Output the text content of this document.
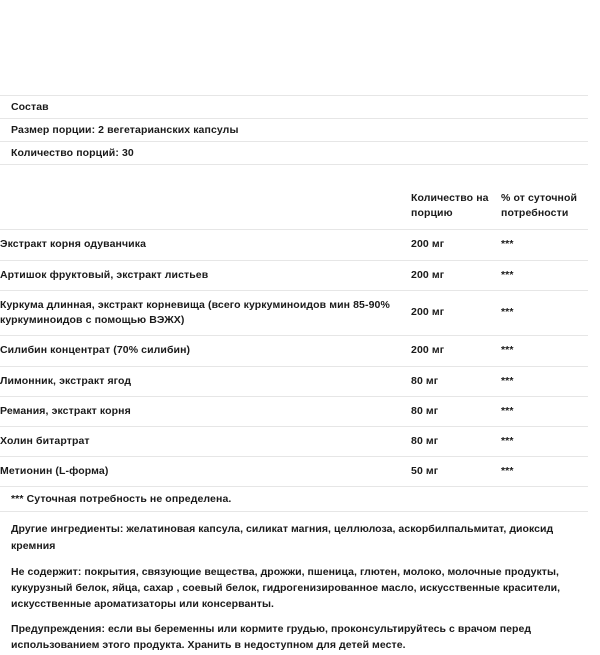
Состав
Размер порции: 2 вегетарианских капсулы
Количество порций: 30
	Количество на порцию	% от суточной потребности
Экстракт корня одуванчика	200 мг	***
Артишок фруктовый, экстракт листьев	200 мг	***
Куркума длинная, экстракт корневища (всего куркуминоидов мин 85-90% куркуминоидов с помощью ВЭЖХ)	200 мг	***
Силибин концентрат (70% силибин)	200 мг	***
Лимонник, экстракт ягод	80 мг	***
Ремания, экстракт корня	80 мг	***
Холин битартрат	80 мг	***
Метионин (L-форма)	50 мг	***
*** Суточная потребность не определена.
Другие ингредиенты: желатиновая капсула, силикат магния, целлюлоза, аскорбилпальмитат, диоксид кремния
Не содержит: покрытия, связующие вещества, дрожжи, пшеница, глютен, молоко, молочные продукты, кукурузный белок, яйца, сахар , соевый белок, гидрогенизированное масло, искусственные красители, искусственные ароматизаторы или консерванты.
Предупреждения: если вы беременны или кормите грудью, проконсультируйтесь с врачом перед использованием этого продукта. Хранить в недоступном для детей месте.
